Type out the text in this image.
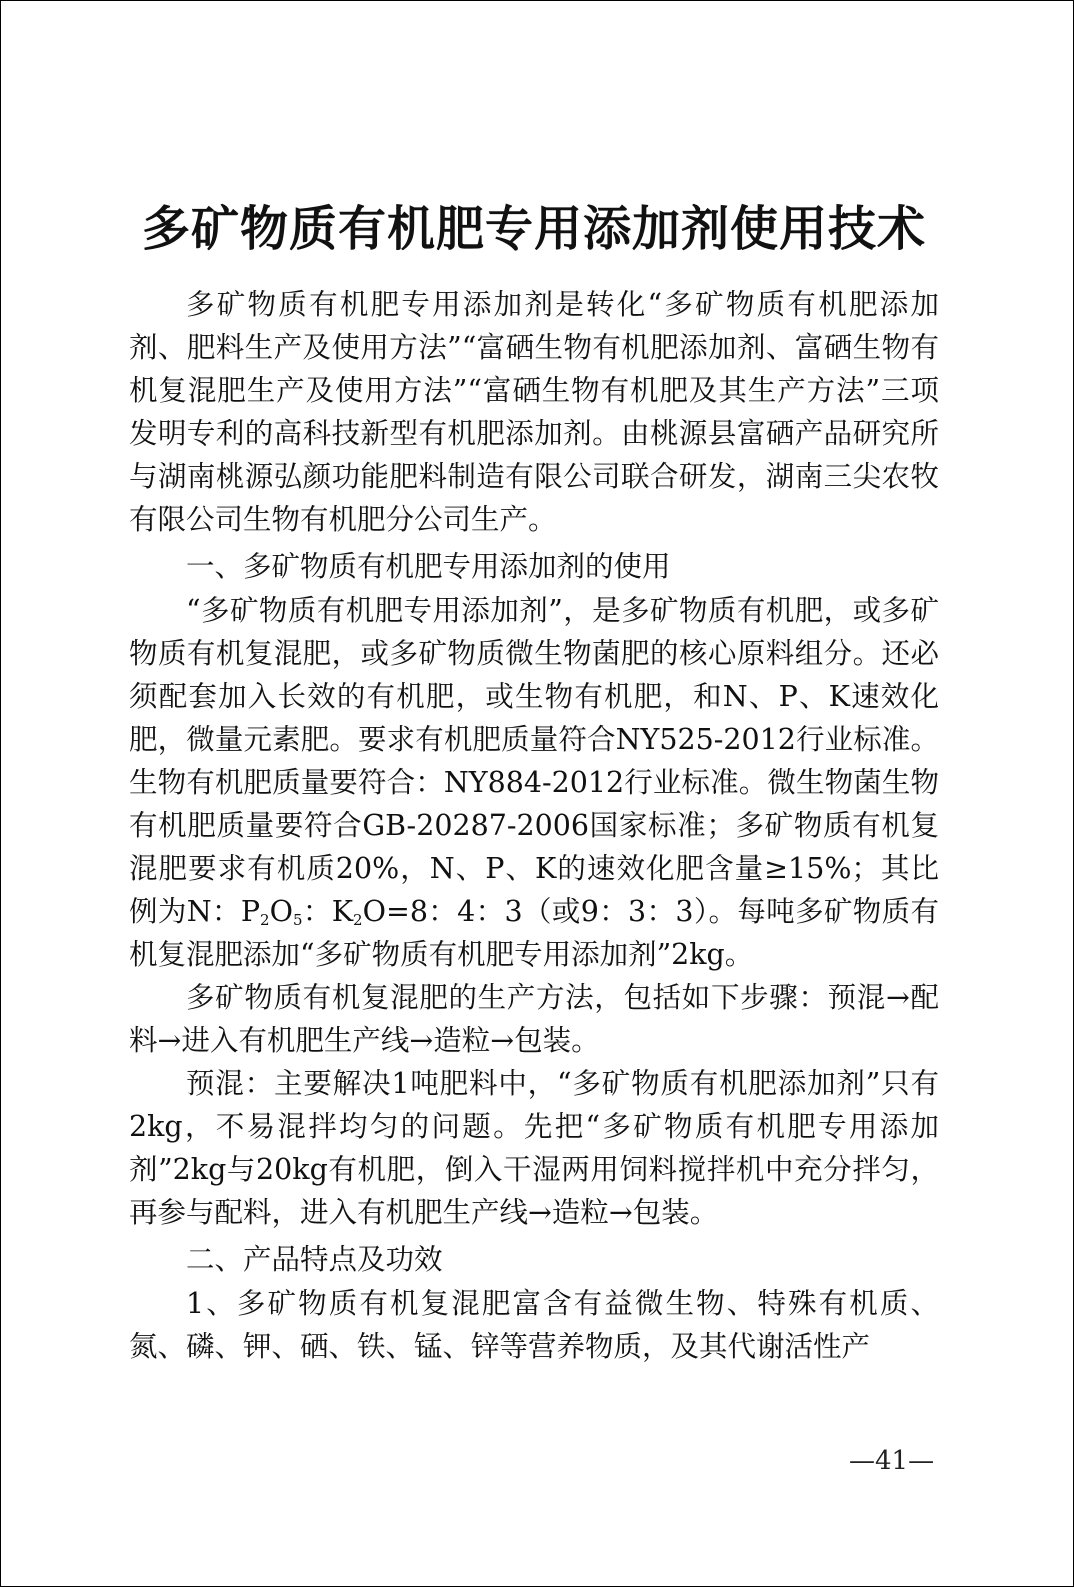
多矿物质有机肥专用添加剂使用技术

多矿物质有机肥专用添加剂是转化“多矿物质有机肥添加剂、肥料生产及使用方法”“富硒生物有机肥添加剂、富硒生物有机复混肥生产及使用方法”“富硒生物有机肥及其生产方法”三项发明专利的高科技新型有机肥添加剂。由桃源县富硒产品研究所与湖南桃源弘颜功能肥料制造有限公司联合研发，湖南三尖农牧有限公司生物有机肥分公司生产。

一、多矿物质有机肥专用添加剂的使用

“多矿物质有机肥专用添加剂”，是多矿物质有机肥，或多矿物质有机复混肥，或多矿物质微生物菌肥的核心原料组分。还必须配套加入长效的有机肥，或生物有机肥，和N、P、K速效化肥，微量元素肥。要求有机肥质量符合NY525-2012行业标准。生物有机肥质量要符合：NY884-2012行业标准。微生物菌生物有机肥质量要符合GB-20287-2006国家标准；多矿物质有机复混肥要求有机质20%，N、P、K的速效化肥含量≥15%；其比例为N：$P_2O_5$：$K_2O=8$：4：3（或9：3：3）。每吨多矿物质有机复混肥添加“多矿物质有机肥专用添加剂”2kg。

多矿物质有机复混肥的生产方法，包括如下步骤：预混→配料→进入有机肥生产线→造粒→包装。

预混：主要解决1吨肥料中，“多矿物质有机肥添加剂”只有2kg，不易混拌均匀的问题。先把“多矿物质有机肥专用添加剂”2kg与20kg有机肥，倒入干湿两用饲料搅拌机中充分拌匀，再参与配料，进入有机肥生产线→造粒→包装。

二、产品特点及功效

1、多矿物质有机复混肥富含有益微生物、特殊有机质、氮、磷、钾、硒、铁、锰、锌等营养物质，及其代谢活性产

—41—
